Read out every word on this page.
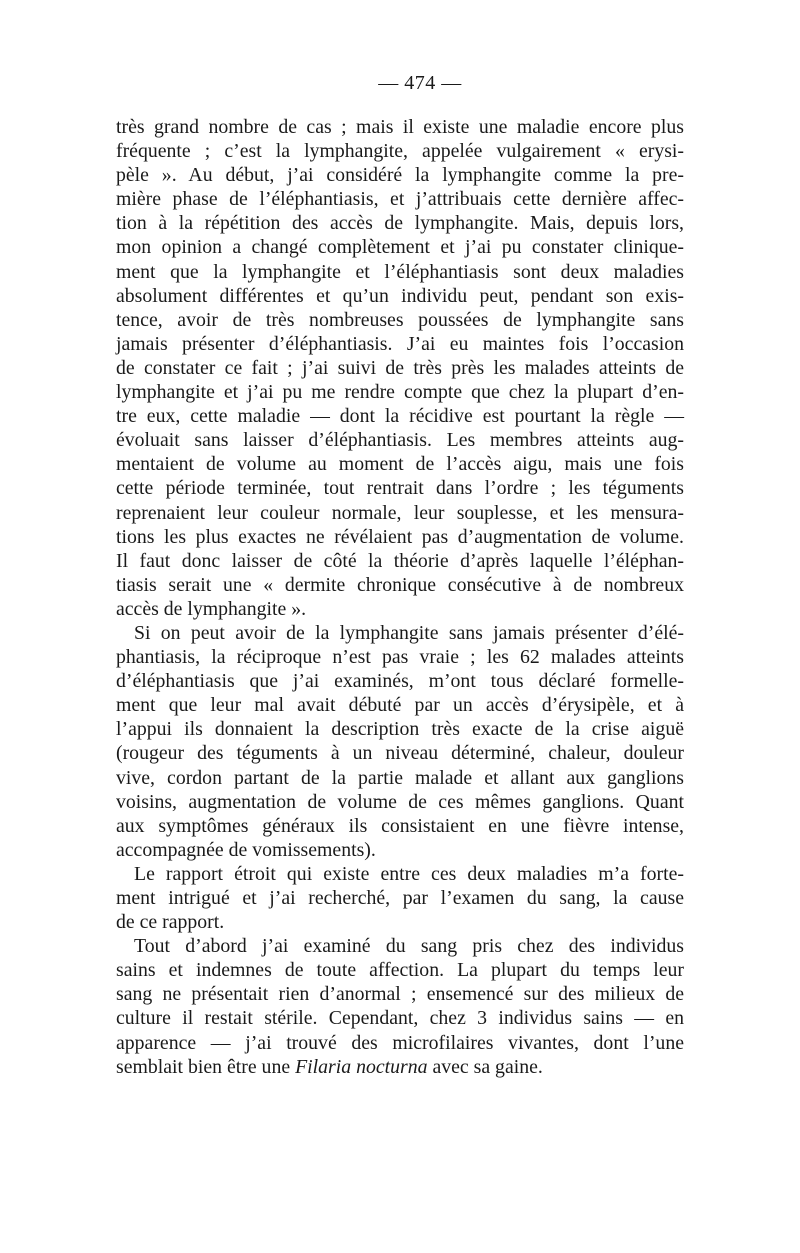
— 474 —
très grand nombre de cas ; mais il existe une maladie encore plus
fréquente ; c’est la lymphangite, appelée vulgairement « erysi-
pèle ». Au début, j’ai considéré la lymphangite comme la pre-
mière phase de l’éléphantiasis, et j’attribuais cette dernière affec-
tion à la répétition des accès de lymphangite. Mais, depuis lors,
mon opinion a changé complètement et j’ai pu constater clinique-
ment que la lymphangite et l’éléphantiasis sont deux maladies
absolument différentes et qu’un individu peut, pendant son exis-
tence, avoir de très nombreuses poussées de lymphangite sans
jamais présenter d’éléphantiasis. J’ai eu maintes fois l’occasion
de constater ce fait ; j’ai suivi de très près les malades atteints de
lymphangite et j’ai pu me rendre compte que chez la plupart d’en-
tre eux, cette maladie — dont la récidive est pourtant la règle —
évoluait sans laisser d’éléphantiasis. Les membres atteints aug-
mentaient de volume au moment de l’accès aigu, mais une fois
cette période terminée, tout rentrait dans l’ordre ; les téguments
reprenaient leur couleur normale, leur souplesse, et les mensura-
tions les plus exactes ne révélaient pas d’augmentation de volume.
Il faut donc laisser de côté la théorie d’après laquelle l’éléphan-
tiasis serait une « dermite chronique consécutive à de nombreux
accès de lymphangite ».
Si on peut avoir de la lymphangite sans jamais présenter d’élé-
phantiasis, la réciproque n’est pas vraie ; les 62 malades atteints
d’éléphantiasis que j’ai examinés, m’ont tous déclaré formelle-
ment que leur mal avait débuté par un accès d’érysipèle, et à
l’appui ils donnaient la description très exacte de la crise aiguë
(rougeur des téguments à un niveau déterminé, chaleur, douleur
vive, cordon partant de la partie malade et allant aux ganglions
voisins, augmentation de volume de ces mêmes ganglions. Quant
aux symptômes généraux ils consistaient en une fièvre intense,
accompagnée de vomissements).
Le rapport étroit qui existe entre ces deux maladies m’a forte-
ment intrigué et j’ai recherché, par l’examen du sang, la cause
de ce rapport.
Tout d’abord j’ai examiné du sang pris chez des individus
sains et indemnes de toute affection. La plupart du temps leur
sang ne présentait rien d’anormal ; ensemencé sur des milieux de
culture il restait stérile. Cependant, chez 3 individus sains — en
apparence — j’ai trouvé des microfilaires vivantes, dont l’une
semblait bien être une Filaria nocturna avec sa gaine.
